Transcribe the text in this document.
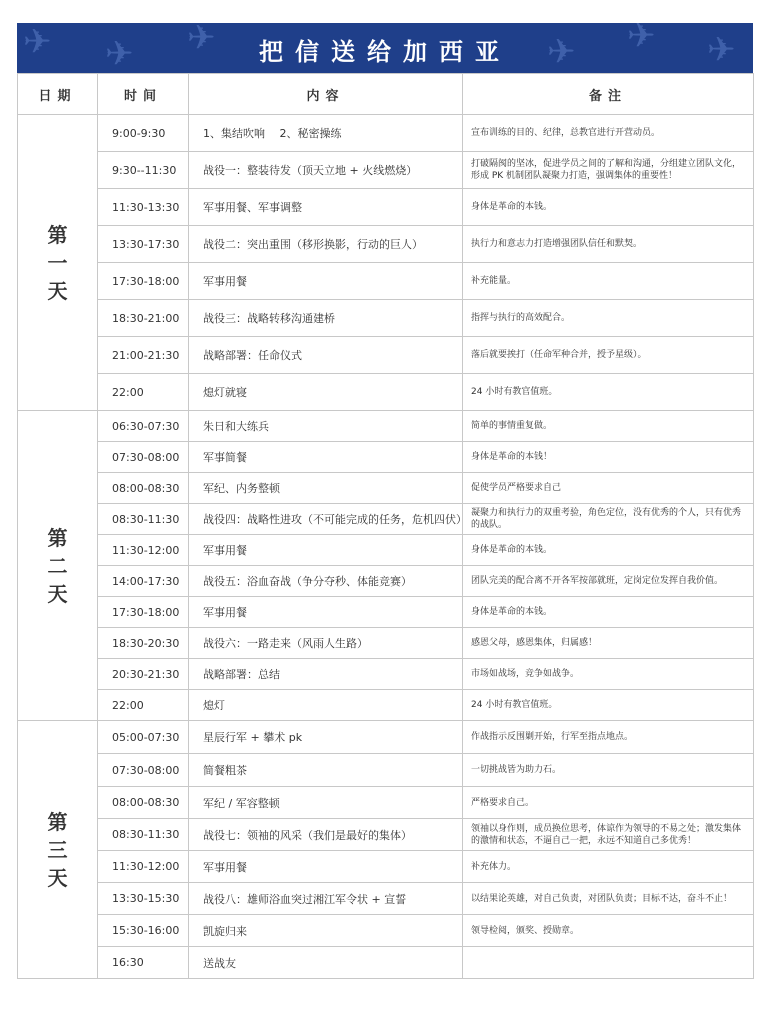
✈ ✈ ✈	✈ ✈ ✈
把信送给加西亚
日期	时间	内容	备注

第
一
天	9:00-9:30	1、集结吹响　 2、秘密操练	宣布训练的目的、纪律，总教官进行开营动员。
	9:30--11:30	战役一：整装待发（顶天立地 + 火线燃烧）	打破隔阂的坚冰，促进学员之间的了解和沟通，分组建立团队文化，形成 PK 机制团队凝聚力打造，强调集体的重要性！
	11:30-13:30	军事用餐、军事调整	身体是革命的本钱。
	13:30-17:30	战役二：突出重围（移形换影，行动的巨人）	执行力和意志力打造增强团队信任和默契。
	17:30-18:00	军事用餐	补充能量。
	18:30-21:00	战役三：战略转移沟通建桥	指挥与执行的高效配合。
	21:00-21:30	战略部署：任命仪式	落后就要挨打（任命军种合并，授予星级）。
	22:00	熄灯就寝	24 小时有教官值班。

第
二
天	06:30-07:30	朱日和大练兵	简单的事情重复做。
	07:30-08:00	军事简餐	身体是革命的本钱！
	08:00-08:30	军纪、内务整顿	促使学员严格要求自己
	08:30-11:30	战役四：战略性进攻（不可能完成的任务，危机四伏）	凝聚力和执行力的双重考验，角色定位，没有优秀的个人，只有优秀的战队。
	11:30-12:00	军事用餐	身体是革命的本钱。
	14:00-17:30	战役五：浴血奋战（争分夺秒、体能竞赛）	团队完美的配合离不开各军按部就班，定岗定位发挥自我价值。
	17:30-18:00	军事用餐	身体是革命的本钱。
	18:30-20:30	战役六：一路走来（风雨人生路）	感恩父母，感恩集体，归属感！
	20:30-21:30	战略部署：总结	市场如战场，竞争如战争。
	22:00	熄灯	24 小时有教官值班。

第
三
天	05:00-07:30	星辰行军 + 攀术 pk	作战指示反围剿开始，行军至指点地点。
	07:30-08:00	简餐粗茶	一切挑战皆为助力石。
	08:00-08:30	军纪 / 军容整顿	严格要求自己。
	08:30-11:30	战役七：领袖的风采（我们是最好的集体）	领袖以身作则，成员换位思考，体谅作为领导的不易之处；激发集体的激情和状态，不逼自己一把，永远不知道自己多优秀！
	11:30-12:00	军事用餐	补充体力。
	13:30-15:30	战役八：雄师浴血突过湘江军令状 + 宣誓	以结果论英雄，对自己负责，对团队负责；目标不达，奋斗不止！
	15:30-16:00	凯旋归来	领导检阅，颁奖、授勋章。
	16:30	送战友	
